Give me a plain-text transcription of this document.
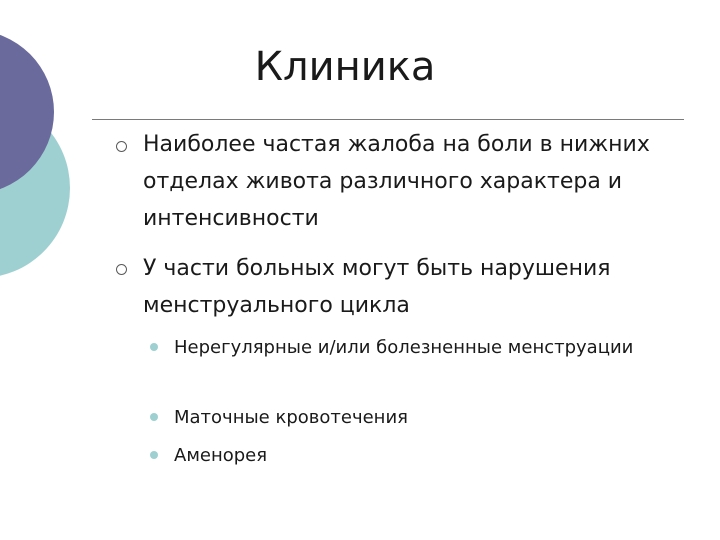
Клиника
Наиболее частая жалоба на боли в нижних отделах живота различного характера и интенсивности
У части больных могут быть нарушения менструального цикла
Нерегулярные и/или болезненные менструации
Маточные кровотечения
Аменорея
